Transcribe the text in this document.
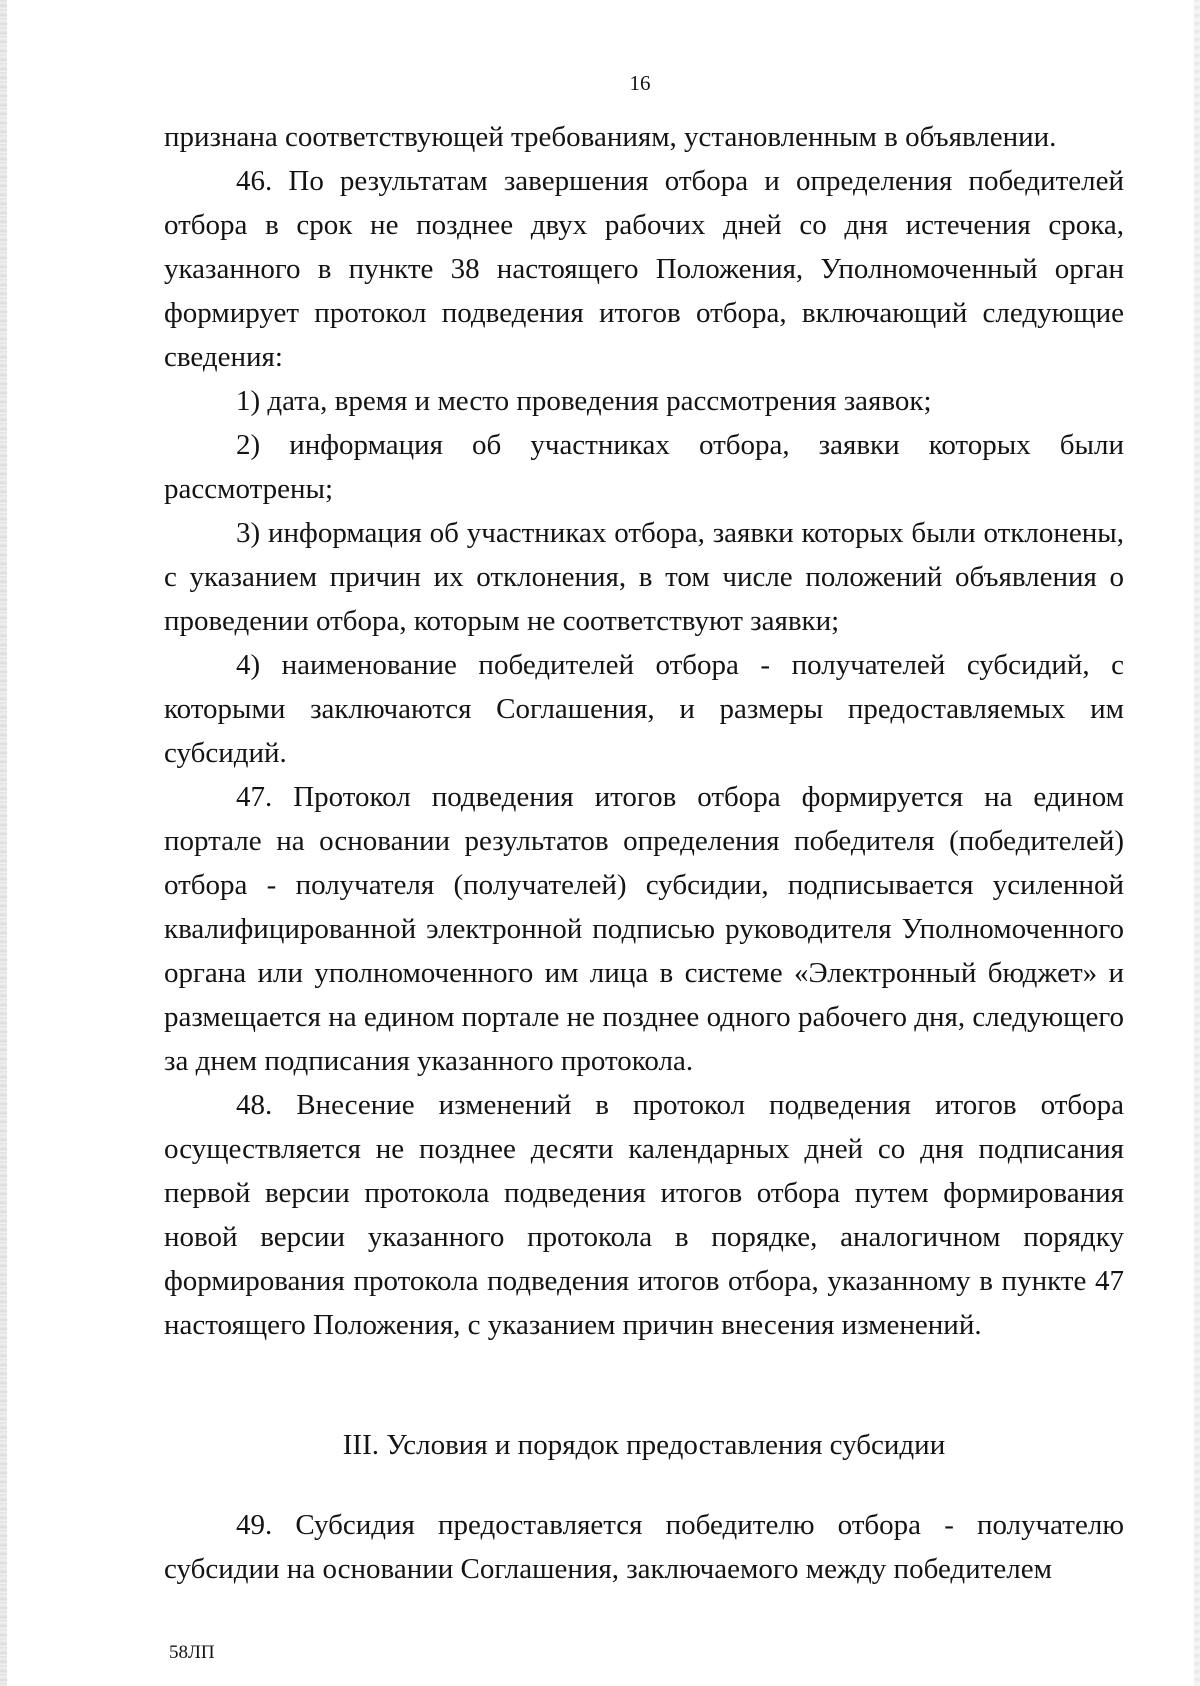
16

признана соответствующей требованиям, установленным в объявлении.

46. По результатам завершения отбора и определения победителей отбора в срок не позднее двух рабочих дней со дня истечения срока, указанного в пункте 38 настоящего Положения, Уполномоченный орган формирует протокол подведения итогов отбора, включающий следующие сведения:

1) дата, время и место проведения рассмотрения заявок;

2) информация об участниках отбора, заявки которых были рассмотрены;

3) информация об участниках отбора, заявки которых были отклонены, с указанием причин их отклонения, в том числе положений объявления о проведении отбора, которым не соответствуют заявки;

4) наименование победителей отбора - получателей субсидий, с которыми заключаются Соглашения, и размеры предоставляемых им субсидий.

47. Протокол подведения итогов отбора формируется на едином портале на основании результатов определения победителя (победителей) отбора - получателя (получателей) субсидии, подписывается усиленной квалифицированной электронной подписью руководителя Уполномоченного органа или уполномоченного им лица в системе «Электронный бюджет» и размещается на едином портале не позднее одного рабочего дня, следующего за днем подписания указанного протокола.

48. Внесение изменений в протокол подведения итогов отбора осуществляется не позднее десяти календарных дней со дня подписания первой версии протокола подведения итогов отбора путем формирования новой версии указанного протокола в порядке, аналогичном порядку формирования протокола подведения итогов отбора, указанному в пункте 47 настоящего Положения, с указанием причин внесения изменений.

III. Условия и порядок предоставления субсидии

49. Субсидия предоставляется победителю отбора - получателю субсидии на основании Соглашения, заключаемого между победителем

58ЛП
